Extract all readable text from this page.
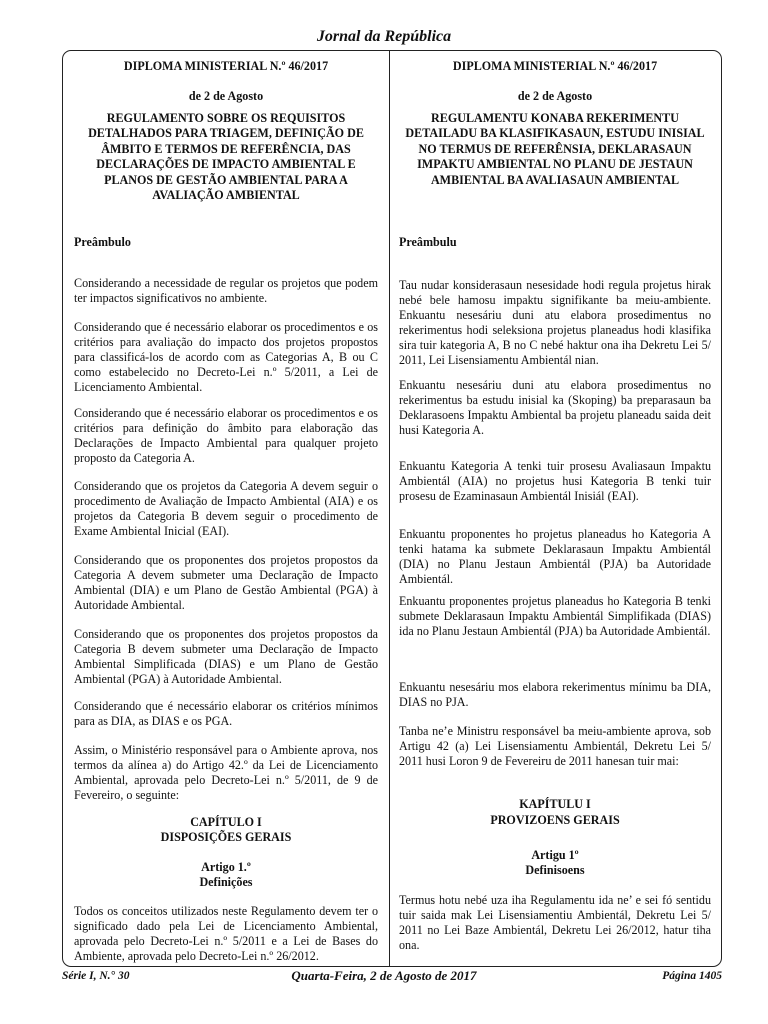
Jornal da República
DIPLOMA MINISTERIAL N.º 46/2017
de 2 de Agosto
REGULAMENTO SOBRE OS REQUISITOS DETALHADOS PARA TRIAGEM, DEFINIÇÃO DE ÂMBITO E TERMOS DE REFERÊNCIA, DAS DECLARAÇÕES DE IMPACTO AMBIENTAL E PLANOS DE GESTÃO AMBIENTAL PARA A AVALIAÇÃO AMBIENTAL
Preâmbulo
Considerando a necessidade de regular os projetos que podem ter impactos significativos no ambiente.
Considerando que é necessário elaborar os procedimentos e os critérios para avaliação do impacto dos projetos propostos para classificá-los de acordo com as Categorias A, B ou C como estabelecido no Decreto-Lei n.º 5/2011, a Lei de Licenciamento Ambiental.
Considerando que é necessário elaborar os procedimentos e os critérios para definição do âmbito para elaboração das Declarações de Impacto Ambiental para qualquer projeto proposto da Categoria A.
Considerando que os projetos da Categoria A devem seguir o procedimento de Avaliação de Impacto Ambiental (AIA) e os projetos da Categoria B devem seguir o procedimento de Exame Ambiental Inicial (EAI).
Considerando que os proponentes dos projetos propostos da Categoria A devem submeter uma Declaração de Impacto Ambiental (DIA) e um Plano de Gestão Ambiental (PGA) à Autoridade Ambiental.
Considerando que os proponentes dos projetos propostos da Categoria B devem submeter uma Declaração de Impacto Ambiental Simplificada (DIAS) e um Plano de Gestão Ambiental (PGA) à Autoridade Ambiental.
Considerando que é necessário elaborar os critérios mínimos para as DIA, as DIAS e os PGA.
Assim, o Ministério responsável para o Ambiente aprova, nos termos da alínea a) do Artigo 42.º da Lei de Licenciamento Ambiental, aprovada pelo Decreto-Lei n.º 5/2011, de 9 de Fevereiro, o seguinte:
CAPÍTULO I
DISPOSIÇÕES GERAIS
Artigo 1.º
Definições
Todos os conceitos utilizados neste Regulamento devem ter o significado dado pela Lei de Licenciamento Ambiental, aprovada pelo Decreto-Lei n.º 5/2011 e a Lei de Bases do Ambiente, aprovada pelo Decreto-Lei n.º 26/2012.
DIPLOMA MINISTERIAL N.º 46/2017
de 2 de Agosto
REGULAMENTU KONABA REKERIMENTU DETAILADU BA KLASIFIKASAUN, ESTUDU INISIAL NO TERMUS DE REFERÊNSIA, DEKLARASAUN IMPAKTU AMBIENTAL NO PLANU DE JESTAUN AMBIENTAL BA AVALIASAUN AMBIENTAL
Preâmbulu
Tau nudar konsiderasaun nesesidade hodi regula projetus hirak nebé bele hamosu impaktu signifikante ba meiu-ambiente. Enkuantu nesesáriu duni atu elabora prosedimentus no rekerimentus hodi seleksiona projetus planeadus hodi klasifika sira tuir kategoria A, B no C nebé haktur ona iha Dekretu Lei 5/ 2011, Lei Lisensiamentu Ambientál nian.
Enkuantu nesesáriu duni atu elabora prosedimentus no rekerimentus ba estudu inisial ka (Skoping) ba preparasaun ba Deklarasoens Impaktu Ambiental ba projetu planeadu saida deit husi Kategoria A.
Enkuantu Kategoria A tenki tuir prosesu Avaliasaun Impaktu Ambientál (AIA) no projetus husi Kategoria B tenki tuir prosesu de Ezaminasaun Ambientál Inisiál (EAI).
Enkuantu proponentes ho projetus planeadus ho Kategoria A tenki hatama ka submete Deklarasaun Impaktu Ambientál (DIA) no Planu Jestaun Ambientál (PJA) ba Autoridade Ambientál.
Enkuantu proponentes projetus planeadus ho Kategoria B tenki submete Deklarasaun Impaktu Ambientál Simplifikada (DIAS) ida no Planu Jestaun Ambientál (PJA) ba Autoridade Ambientál.
Enkuantu nesesáriu mos elabora rekerimentus mínimu ba DIA, DIAS no PJA.
Tanba ne’e Ministru responsável ba meiu-ambiente aprova, sob Artigu 42 (a) Lei Lisensiamentu Ambientál, Dekretu Lei 5/ 2011 husi Loron 9 de Fevereiru de 2011 hanesan tuir mai:
KAPÍTULU I
PROVIZOENS GERAIS
Artigu 1º
Definisoens
Termus hotu nebé uza iha Regulamentu ida ne’ e sei fó sentidu tuir saida mak Lei Lisensiamentiu Ambientál, Dekretu Lei 5/ 2011 no Lei Baze Ambientál, Dekretu Lei 26/2012, hatur tiha ona.
Série I, N.° 30	Quarta-Feira, 2 de Agosto de 2017	Página 1405
